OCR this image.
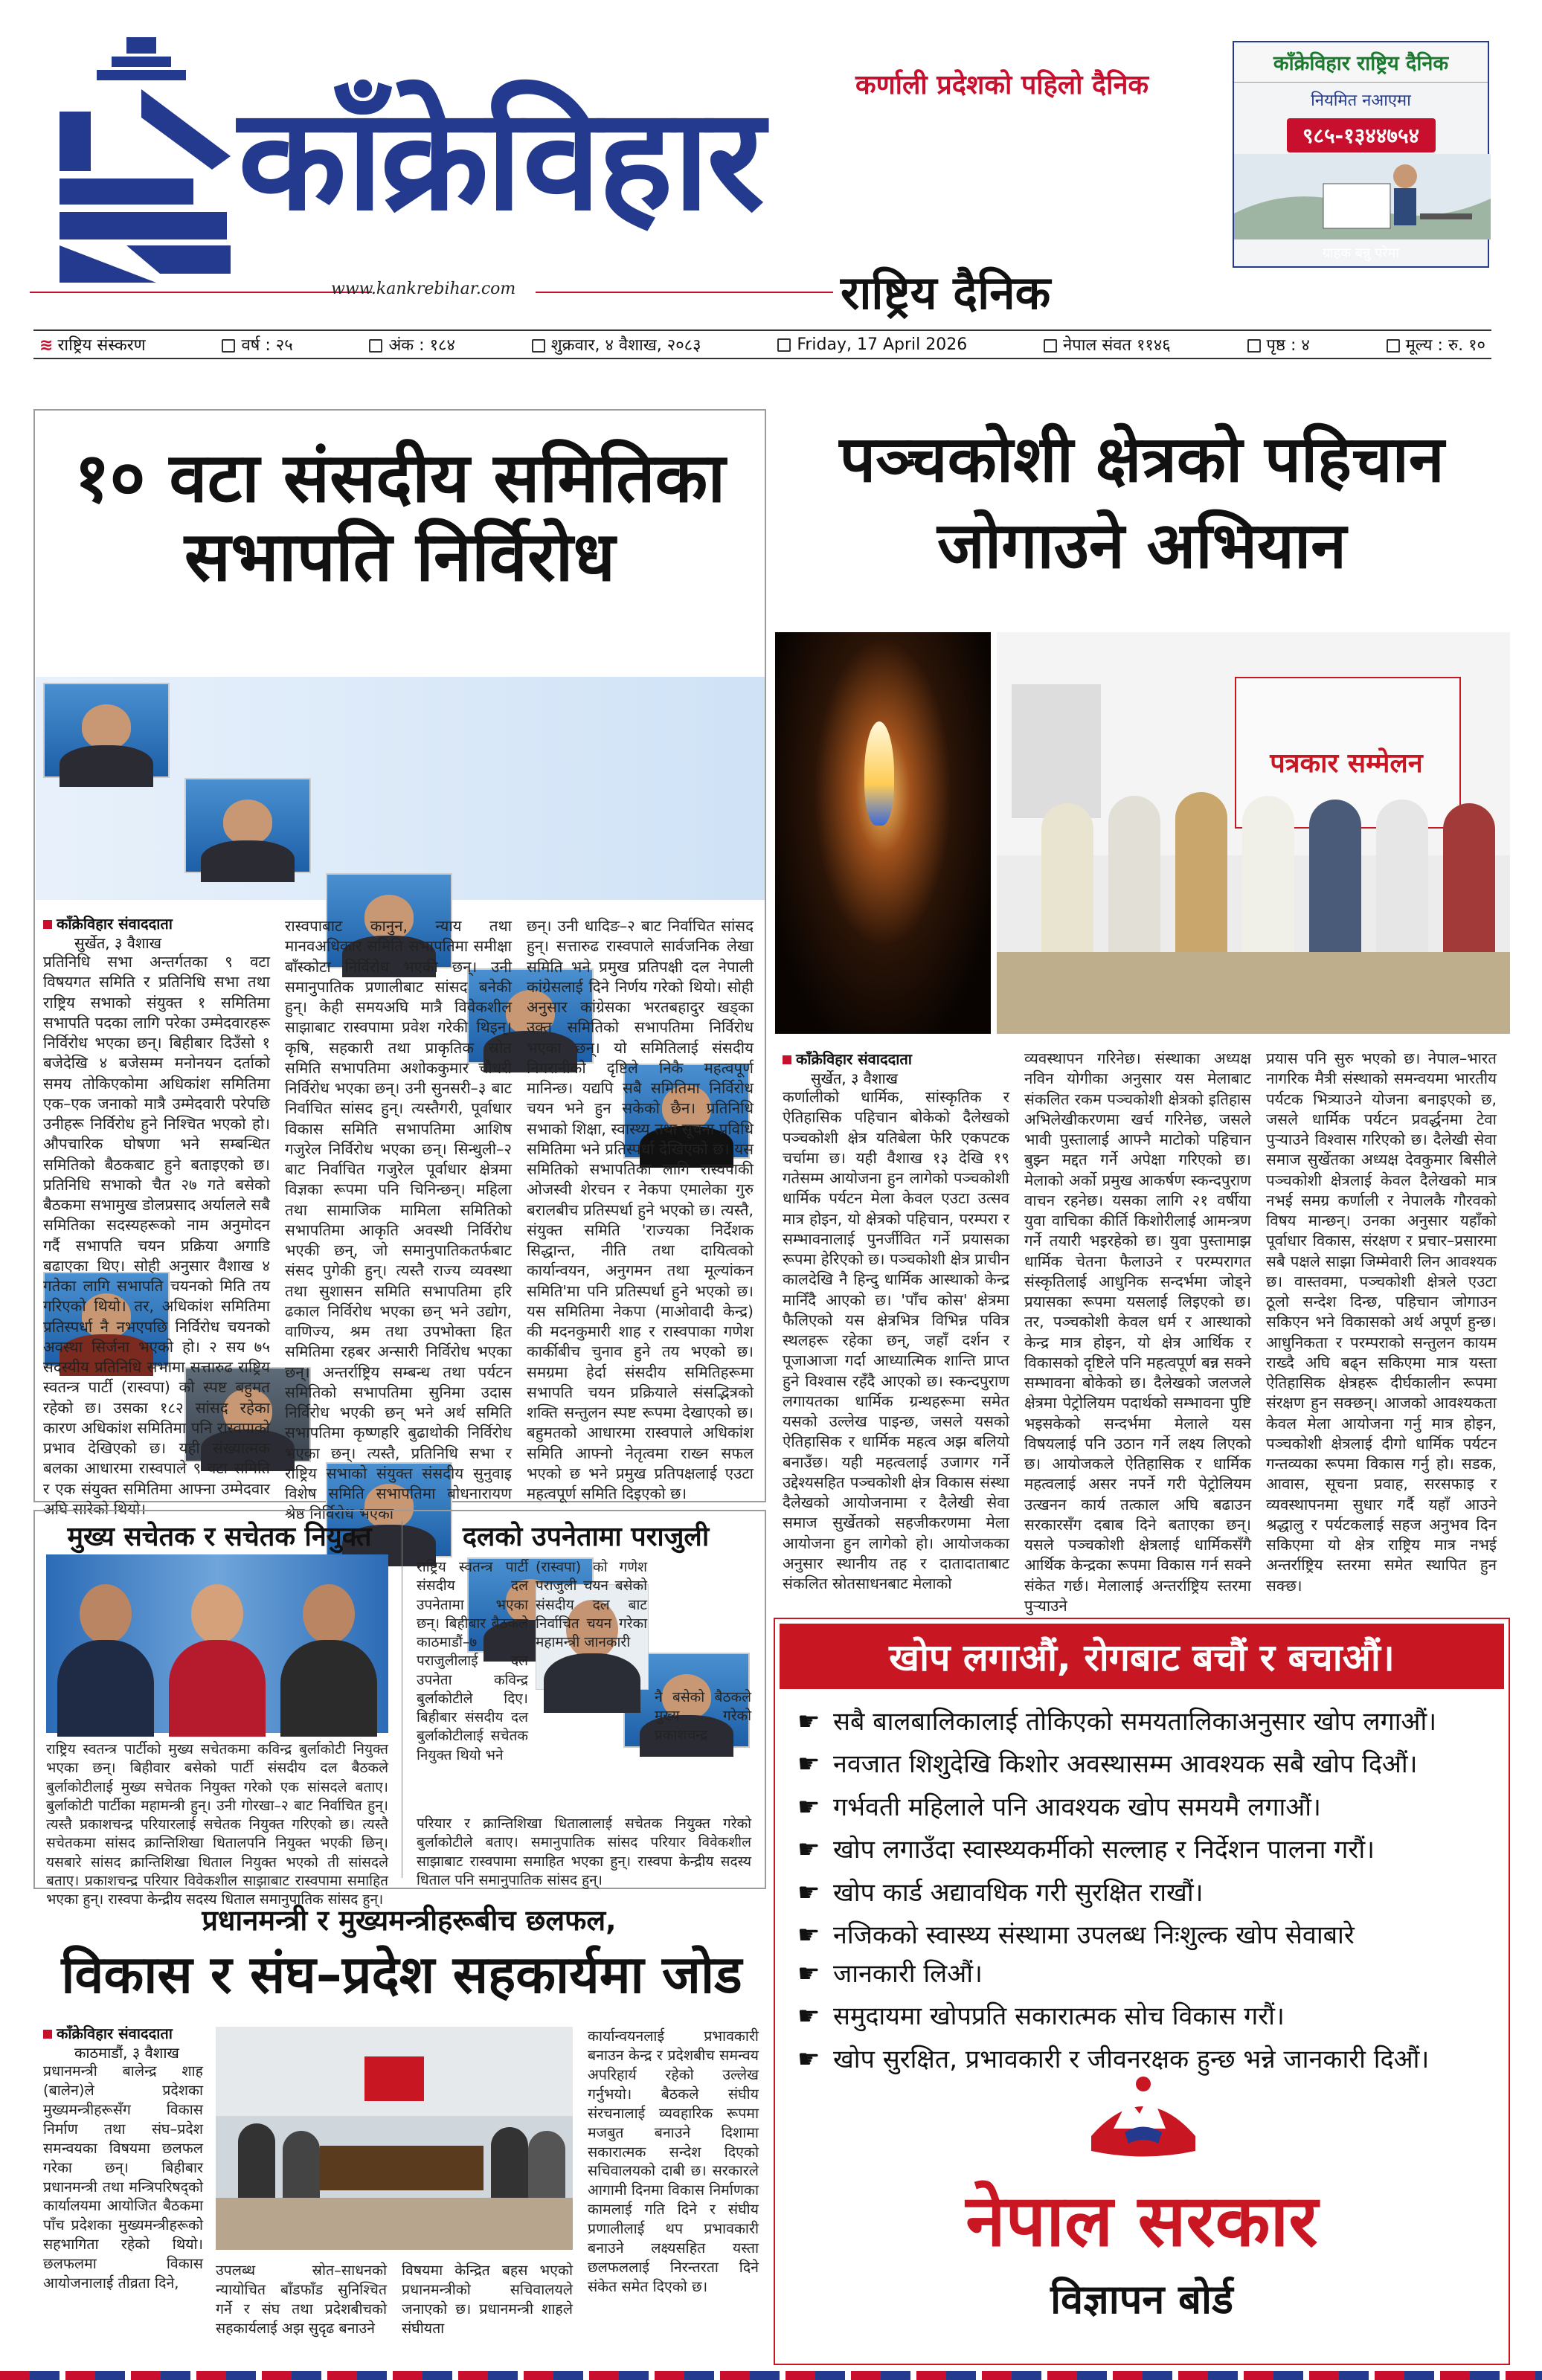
काँक्रेविहार	कर्णाली प्रदेशको पहिलो दैनिक
www.kankrebihar.com	राष्ट्रिय दैनिक
काँक्रेविहार राष्ट्रिय दैनिक
नियमित नआएमा
९८५-१३४४७५४
ग्राहक बन्नु परेमा
≋ राष्ट्रिय संस्करण	वर्ष : २५	अंक : १८४	शुक्रवार, ४ वैशाख, २०८३	Friday, 17 April 2026	नेपाल संवत ११४६	पृष्ठ : ४	मूल्य : रु. १०
१० वटा संसदीय समितिका सभापति निर्विरोध
काँक्रेविहार संवाददाता
सुर्खेत, ३ वैशाख
प्रतिनिधि सभा अन्तर्गतका ९ वटा विषयगत समिति र प्रतिनिधि सभा तथा राष्ट्रिय सभाको संयुक्त १ समितिमा सभापति पदका लागि परेका उम्मेदवारहरू निर्विरोध भएका छन्। बिहीबार दिउँसो १ बजेदेखि ४ बजेसम्म मनोनयन दर्ताको समय तोकिएकोमा अधिकांश समितिमा एक–एक जनाको मात्रै उम्मेदवारी परेपछि उनीहरू निर्विरोध हुने निश्चित भएको हो। औपचारिक घोषणा भने सम्बन्धित समितिको बैठकबाट हुने बताइएको छ। प्रतिनिधि सभाको चैत २७ गते बसेको बैठकमा सभामुख डोलप्रसाद अर्यालले सबै समितिका सदस्यहरूको नाम अनुमोदन गर्दै सभापति चयन प्रक्रिया अगाडि बढाएका थिए। सोही अनुसार वैशाख ४ गतेका लागि सभापति चयनको मिति तय गरिएको थियो। तर, अधिकांश समितिमा प्रतिस्पर्धा नै नभएपछि निर्विरोध चयनको अवस्था सिर्जना भएको हो। २ सय ७५ सदस्यीय प्रतिनिधि सभामा सत्तारुढ राष्ट्रिय स्वतन्त्र पार्टी (रास्वपा) को स्पष्ट बहुमत रहेको छ। उसका १८२ सांसद रहेका कारण अधिकांश समितिमा पनि रास्वपाको प्रभाव देखिएको छ। यही संख्यात्मक बलका आधारमा रास्वपाले ९ वटा समिति र एक संयुक्त समितिमा आफ्ना उम्मेदवार अघि सारेको थियो।
रास्वपाबाट कानुन, न्याय तथा मानवअधिकार समिति सभापतिमा समीक्षा बाँस्कोटा निर्विरोध भएकी छन्। उनी समानुपातिक प्रणालीबाट सांसद बनेकी हुन्। केही समयअघि मात्रै विवेकशील साझाबाट रास्वपामा प्रवेश गरेकी थिइन्। कृषि, सहकारी तथा प्राकृतिक स्रोत समिति सभापतिमा अशोककुमार चौधरी निर्विरोध भएका छन्। उनी सुनसरी–३ बाट निर्वाचित सांसद हुन्। त्यस्तैगरी, पूर्वाधार विकास समिति सभापतिमा आशिष गजुरेल निर्विरोध भएका छन्। सिन्धुली–२ बाट निर्वाचित गजुरेल पूर्वाधार क्षेत्रमा विज्ञका रूपमा पनि चिनिन्छन्। महिला तथा सामाजिक मामिला समितिको सभापतिमा आकृति अवस्थी निर्विरोध भएकी छन्, जो समानुपातिकतर्फबाट संसद पुगेकी हुन्। त्यस्तै राज्य व्यवस्था तथा सुशासन समिति सभापतिमा हरि ढकाल निर्विरोध भएका छन् भने उद्योग, वाणिज्य, श्रम तथा उपभोक्ता हित समितिमा रहबर अन्सारी निर्विरोध भएका छन्। अन्तर्राष्ट्रिय सम्बन्ध तथा पर्यटन समितिको सभापतिमा सुनिमा उदास निर्विरोध भएकी छन् भने अर्थ समिति सभापतिमा कृष्णहरि बुढाथोकी निर्विरोध भएका छन्। त्यस्तै, प्रतिनिधि सभा र राष्ट्रिय सभाको संयुक्त संसदीय सुनुवाइ विशेष समिति सभापतिमा बोधनारायण श्रेष्ठ निर्विरोध भएका
छन्। उनी धादिङ–२ बाट निर्वाचित सांसद हुन्। सत्तारुढ रास्वपाले सार्वजनिक लेखा समिति भने प्रमुख प्रतिपक्षी दल नेपाली कांग्रेसलाई दिने निर्णय गरेको थियो। सोही अनुसार कांग्रेसका भरतबहादुर खड्का उक्त समितिको सभापतिमा निर्विरोध भएका छन्। यो समितिलाई संसदीय निगरानीको दृष्टिले निकै महत्वपूर्ण मानिन्छ। यद्यपि सबै समितिमा निर्विरोध चयन भने हुन सकेको छैन। प्रतिनिधि सभाको शिक्षा, स्वास्थ्य तथा सूचना प्रविधि समितिमा भने प्रतिस्पर्धा देखिएको छ। यस समितिको सभापतिका लागि रास्वपाकी ओजस्वी शेरचन र नेकपा एमालेका गुरु बरालबीच प्रतिस्पर्धा हुने भएको छ। त्यस्तै, संयुक्त समिति 'राज्यका निर्देशक सिद्धान्त, नीति तथा दायित्वको कार्यान्वयन, अनुगमन तथा मूल्यांकन समिति'मा पनि प्रतिस्पर्धा हुने भएको छ। यस समितिमा नेकपा (माओवादी केन्द्र) की मदनकुमारी शाह र रास्वपाका गणेश कार्कीबीच चुनाव हुने तय भएको छ। समग्रमा हेर्दा संसदीय समितिहरूमा सभापति चयन प्रक्रियाले संसद्भित्रको शक्ति सन्तुलन स्पष्ट रूपमा देखाएको छ। बहुमतको आधारमा रास्वपाले अधिकांश समिति आफ्नो नेतृत्वमा राख्न सफल भएको छ भने प्रमुख प्रतिपक्षलाई एउटा महत्वपूर्ण समिति दिइएको छ।
मुख्य सचेतक र सचेतक नियुक्त
राष्ट्रिय स्वतन्त्र पार्टीको मुख्य सचेतकमा कविन्द्र बुर्लाकोटी नियुक्त भएका छन्। बिहीवार बसेको पार्टी संसदीय दल बैठकले बुर्लाकोटीलाई मुख्य सचेतक नियुक्त गरेको एक सांसदले बताए। बुर्लाकोटी पार्टीका महामन्त्री हुन्। उनी गोरखा–२ बाट निर्वाचित हुन्। त्यस्तै प्रकाशचन्द्र परियारलाई सचेतक नियुक्त गरिएको छ। त्यस्तै सचेतकमा सांसद क्रान्तिशिखा धितालपनि नियुक्त भएकी छिन्। यसबारे सांसद क्रान्तिशिखा धिताल नियुक्त भएको ती सांसदले बताए। प्रकाशचन्द्र परियार विवेकशील साझाबाट रास्वपामा समाहित भएका हुन्। रास्वपा केन्द्रीय सदस्य धिताल समानुपातिक सांसद हुन्।
दलको उपनेतामा पराजुली
राष्ट्रिय स्वतन्त्र पार्टी संसदीय दल उपनेतामा भएका छन्। बिहीबार बैठकले काठमाडौं–७ पराजुलीलाई दल उपनेता कविन्द्र बुर्लाकोटीले दिए। बिहीबार संसदीय दल बुर्लाकोटीलाई सचेतक नियुक्त थियो भने
(रास्वपा) को गणेश पराजुली चयन बसेको संसदीय दल बाट निर्वाचित चयन गरेका महामन्त्री जानकारी
नै बसेको बैठकले मुख्य गरेको प्रकाशचन्द्र
परियार र क्रान्तिशिखा धितालालाई सचेतक नियुक्त गरेको बुर्लाकोटीले बताए। समानुपातिक सांसद परियार विवेकशील साझाबाट रास्वपामा समाहित भएका हुन्। रास्वपा केन्द्रीय सदस्य धिताल पनि समानुपातिक सांसद हुन्।
प्रधानमन्त्री र मुख्यमन्त्रीहरूबीच छलफल,
विकास र संघ–प्रदेश सहकार्यमा जोड
काँक्रेविहार संवाददाता
काठमाडौं, ३ वैशाख
प्रधानमन्त्री बालेन्द्र शाह (बालेन)ले प्रदेशका मुख्यमन्त्रीहरूसँग विकास निर्माण तथा संघ–प्रदेश समन्वयका विषयमा छलफल गरेका छन्। बिहीबार प्रधानमन्त्री तथा मन्त्रिपरिषद्को कार्यालयमा आयोजित बैठकमा पाँच प्रदेशका मुख्यमन्त्रीहरूको सहभागिता रहेको थियो। छलफलमा विकास आयोजनालाई तीव्रता दिने,
उपलब्ध स्रोत–साधनको न्यायोचित बाँडफाँड सुनिश्चित गर्ने र संघ तथा प्रदेशबीचको सहकार्यलाई अझ सुदृढ बनाउने
विषयमा केन्द्रित बहस भएको प्रधानमन्त्रीको सचिवालयले जनाएको छ। प्रधानमन्त्री शाहले संघीयता
कार्यान्वयनलाई प्रभावकारी बनाउन केन्द्र र प्रदेशबीच समन्वय अपरिहार्य रहेको उल्लेख गर्नुभयो। बैठकले संघीय संरचनालाई व्यवहारिक रूपमा मजबुत बनाउने दिशामा सकारात्मक सन्देश दिएको सचिवालयको दाबी छ। सरकारले आगामी दिनमा विकास निर्माणका कामलाई गति दिने र संघीय प्रणालीलाई थप प्रभावकारी बनाउने लक्ष्यसहित यस्ता छलफललाई निरन्तरता दिने संकेत समेत दिएको छ।
पञ्चकोशी क्षेत्रको पहिचान जोगाउने अभियान
पत्रकार सम्मेलन
काँक्रेविहार संवाददाता
सुर्खेत, ३ वैशाख
कर्णालीको धार्मिक, सांस्कृतिक र ऐतिहासिक पहिचान बोकेको दैलेखको पञ्चकोशी क्षेत्र यतिबेला फेरि एकपटक चर्चामा छ। यही वैशाख १३ देखि १९ गतेसम्म आयोजना हुन लागेको पञ्चकोशी धार्मिक पर्यटन मेला केवल एउटा उत्सव मात्र होइन, यो क्षेत्रको पहिचान, परम्परा र सम्भावनालाई पुनर्जीवित गर्ने प्रयासका रूपमा हेरिएको छ। पञ्चकोशी क्षेत्र प्राचीन कालदेखि नै हिन्दु धार्मिक आस्थाको केन्द्र मानिँदै आएको छ। 'पाँच कोस' क्षेत्रमा फैलिएको यस क्षेत्रभित्र विभिन्न पवित्र स्थलहरू रहेका छन्, जहाँ दर्शन र पूजाआजा गर्दा आध्यात्मिक शान्ति प्राप्त हुने विश्वास रहँदै आएको छ। स्कन्दपुराण लगायतका धार्मिक ग्रन्थहरूमा समेत यसको उल्लेख पाइन्छ, जसले यसको ऐतिहासिक र धार्मिक महत्व अझ बलियो बनाउँछ। यही महत्वलाई उजागर गर्ने उद्देश्यसहित पञ्चकोशी क्षेत्र विकास संस्था दैलेखको आयोजनामा र दैलेखी सेवा समाज सुर्खेतको सहजीकरणमा मेला आयोजना हुन लागेको हो। आयोजकका अनुसार स्थानीय तह र दातादाताबाट संकलित स्रोतसाधनबाट मेलाको
व्यवस्थापन गरिनेछ। संस्थाका अध्यक्ष नविन योगीका अनुसार यस मेलाबाट संकलित रकम पञ्चकोशी क्षेत्रको इतिहास अभिलेखीकरणमा खर्च गरिनेछ, जसले भावी पुस्तालाई आफ्नै माटोको पहिचान बुझ्न मद्दत गर्ने अपेक्षा गरिएको छ। मेलाको अर्को प्रमुख आकर्षण स्कन्दपुराण वाचन रहनेछ। यसका लागि २१ वर्षीया युवा वाचिका कीर्ति किशोरीलाई आमन्त्रण गर्ने तयारी भइरहेको छ। युवा पुस्तामाझ धार्मिक चेतना फैलाउने र परम्परागत संस्कृतिलाई आधुनिक सन्दर्भमा जोड्ने प्रयासका रूपमा यसलाई लिइएको छ। तर, पञ्चकोशी केवल धर्म र आस्थाको केन्द्र मात्र होइन, यो क्षेत्र आर्थिक र विकासको दृष्टिले पनि महत्वपूर्ण बन्न सक्ने सम्भावना बोकेको छ। दैलेखको जलजले क्षेत्रमा पेट्रोलियम पदार्थको सम्भावना पुष्टि भइसकेको सन्दर्भमा मेलाले यस विषयलाई पनि उठान गर्ने लक्ष्य लिएको छ। आयोजकले ऐतिहासिक र धार्मिक महत्वलाई असर नपर्ने गरी पेट्रोलियम उत्खनन कार्य तत्काल अघि बढाउन सरकारसँग दबाब दिने बताएका छन्। यसले पञ्चकोशी क्षेत्रलाई धार्मिकसँगै आर्थिक केन्द्रका रूपमा विकास गर्न सक्ने संकेत गर्छ। मेलालाई अन्तर्राष्ट्रिय स्तरमा पुऱ्याउने
प्रयास पनि सुरु भएको छ। नेपाल–भारत नागरिक मैत्री संस्थाको समन्वयमा भारतीय पर्यटक भित्र्याउने योजना बनाइएको छ, जसले धार्मिक पर्यटन प्रवर्द्धनमा टेवा पुऱ्याउने विश्वास गरिएको छ। दैलेखी सेवा समाज सुर्खेतका अध्यक्ष देवकुमार बिसीले पञ्चकोशी क्षेत्रलाई केवल दैलेखको मात्र नभई समग्र कर्णाली र नेपालकै गौरवको विषय मान्छन्। उनका अनुसार यहाँको पूर्वाधार विकास, संरक्षण र प्रचार–प्रसारमा सबै पक्षले साझा जिम्मेवारी लिन आवश्यक छ। वास्तवमा, पञ्चकोशी क्षेत्रले एउटा ठूलो सन्देश दिन्छ, पहिचान जोगाउन सकिएन भने विकासको अर्थ अपूर्ण हुन्छ। आधुनिकता र परम्पराको सन्तुलन कायम राख्दै अघि बढ्न सकिएमा मात्र यस्ता ऐतिहासिक क्षेत्रहरू दीर्घकालीन रूपमा संरक्षण हुन सक्छन्। आजको आवश्यकता केवल मेला आयोजना गर्नु मात्र होइन, पञ्चकोशी क्षेत्रलाई दीगो धार्मिक पर्यटन गन्तव्यका रूपमा विकास गर्नु हो। सडक, आवास, सूचना प्रवाह, सरसफाइ र व्यवस्थापनमा सुधार गर्दै यहाँ आउने श्रद्धालु र पर्यटकलाई सहज अनुभव दिन सकिएमा यो क्षेत्र राष्ट्रिय मात्र नभई अन्तर्राष्ट्रिय स्तरमा समेत स्थापित हुन सक्छ।
खोप लगाऔं, रोगबाट बचौं र बचाऔं।
☛ सबै बालबालिकालाई तोकिएको समयतालिकाअनुसार खोप लगाऔं।
☛ नवजात शिशुदेखि किशोर अवस्थासम्म आवश्यक सबै खोप दिऔं।
☛ गर्भवती महिलाले पनि आवश्यक खोप समयमै लगाऔं।
☛ खोप लगाउँदा स्वास्थ्यकर्मीको सल्लाह र निर्देशन पालना गरौं।
☛ खोप कार्ड अद्यावधिक गरी सुरक्षित राखौं।
☛ नजिकको स्वास्थ्य संस्थामा उपलब्ध निःशुल्क खोप सेवाबारे
☛ जानकारी लिऔं।
☛ समुदायमा खोपप्रति सकारात्मक सोच विकास गरौं।
☛ खोप सुरक्षित, प्रभावकारी र जीवनरक्षक हुन्छ भन्ने जानकारी दिऔं।
नेपाल सरकार
विज्ञापन बोर्ड
